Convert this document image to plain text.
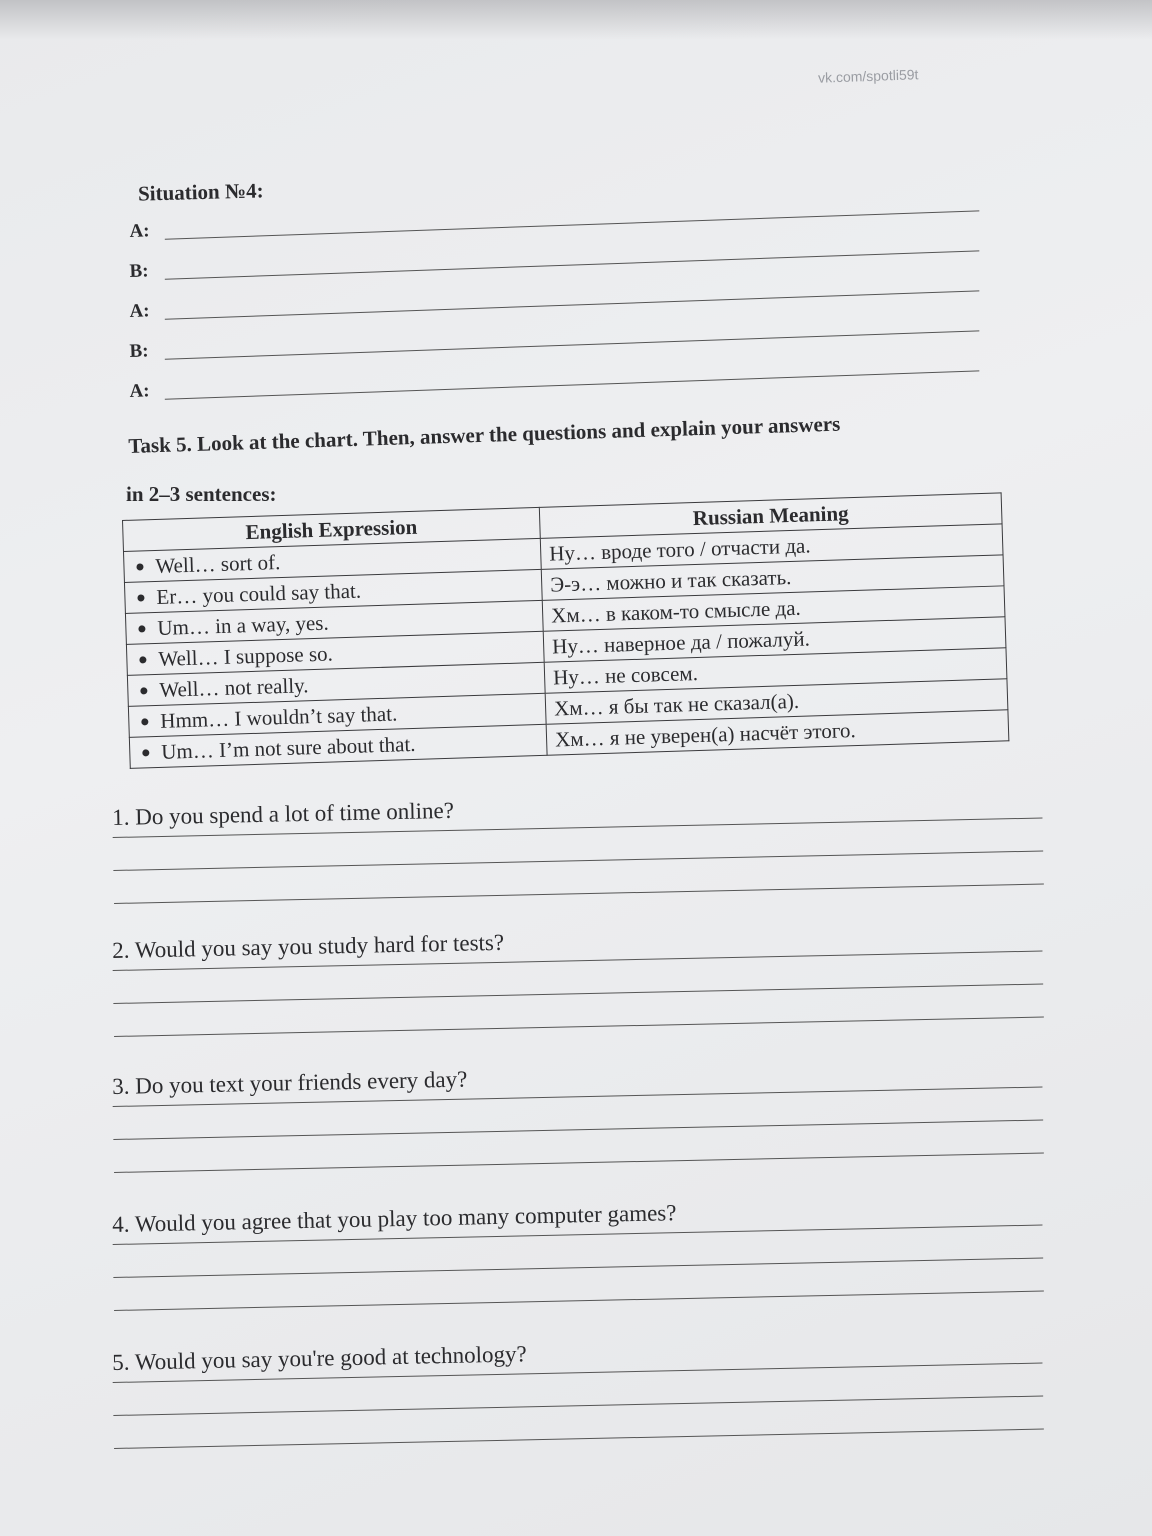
vk.com/spotli59t
Situation №4:
A:
B:
A:
B:
A:
Task 5. Look at the chart. Then, answer the questions and explain your answers
in 2–3 sentences:
English Expression	Russian Meaning
Well… sort of.	Ну… вроде того / отчасти да.
Er… you could say that.	Э-э… можно и так сказать.
Um… in a way, yes.	Хм… в каком-то смысле да.
Well… I suppose so.	Ну… наверное да / пожалуй.
Well… not really.	Ну… не совсем.
Hmm… I wouldn’t say that.	Хм… я бы так не сказал(а).
Um… I’m not sure about that.	Хм… я не уверен(а) насчёт этого.
1. Do you spend a lot of time online?
2. Would you say you study hard for tests?
3. Do you text your friends every day?
4. Would you agree that you play too many computer games?
5. Would you say you're good at technology?
